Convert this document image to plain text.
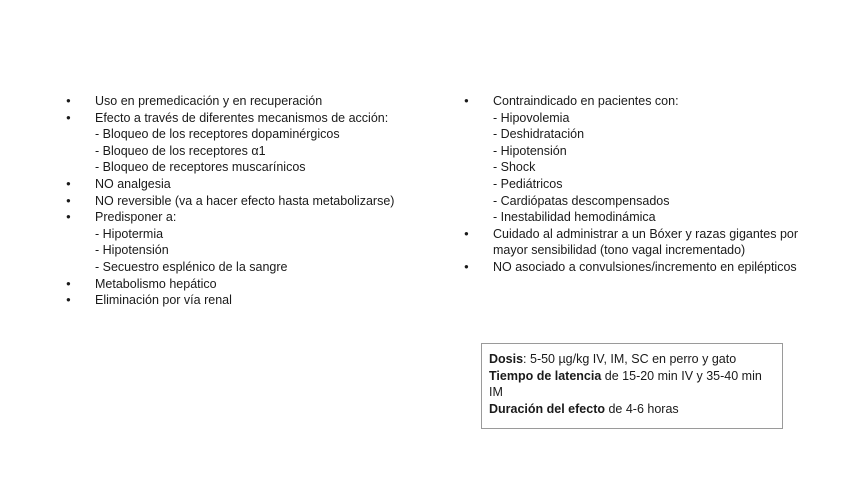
● Uso en premedicación y en recuperación
● Efecto a través de diferentes mecanismos de acción:
- Bloqueo de los receptores dopaminérgicos
- Bloqueo de los receptores α1
- Bloqueo de receptores muscarínicos
● NO analgesia
● NO reversible (va a hacer efecto hasta metabolizarse)
● Predisponer a:
- Hipotermia
- Hipotensión
- Secuestro esplénico de la sangre
● Metabolismo hepático
● Eliminación por vía renal
● Contraindicado en pacientes con:
- Hipovolemia
- Deshidratación
- Hipotensión
- Shock
- Pediátricos
- Cardiópatas descompensados
- Inestabilidad hemodinámica
● Cuidado al administrar a un Bóxer y razas gigantes por mayor sensibilidad (tono vagal incrementado)
● NO asociado a convulsiones/incremento en epilépticos
Dosis: 5-50 µg/kg IV, IM, SC en perro y gato
Tiempo de latencia de 15-20 min IV y 35-40 min IM
Duración del efecto de 4-6 horas
